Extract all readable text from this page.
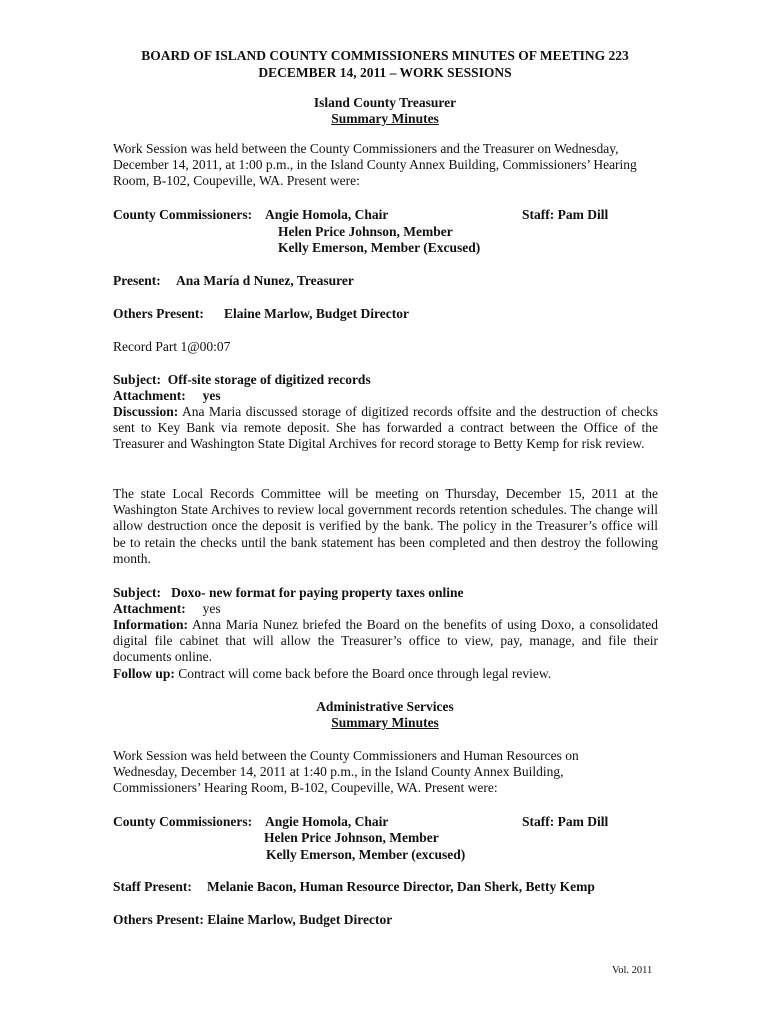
BOARD OF ISLAND COUNTY COMMISSIONERS MINUTES OF MEETING 223
DECEMBER 14, 2011 – WORK SESSIONS
Island County Treasurer
Summary Minutes
Work Session was held between the County Commissioners and the Treasurer on Wednesday,
December 14, 2011, at 1:00 p.m., in the Island County Annex Building, Commissioners’ Hearing
Room, B-102, Coupeville, WA. Present were:
County Commissioners: Angie Homola, Chair
Helen Price Johnson, Member
Kelly Emerson, Member (Excused)
Staff: Pam Dill
Present: Ana María d Nunez, Treasurer
Others Present: Elaine Marlow, Budget Director
Record Part 1@00:07
Subject: Off-site storage of digitized records
Attachment: yes
Discussion: Ana Maria discussed storage of digitized records offsite and the destruction of checks sent to Key Bank via remote deposit. She has forwarded a contract between the Office of the Treasurer and Washington State Digital Archives for record storage to Betty Kemp for risk review.
The state Local Records Committee will be meeting on Thursday, December 15, 2011 at the Washington State Archives to review local government records retention schedules. The change will allow destruction once the deposit is verified by the bank. The policy in the Treasurer’s office will be to retain the checks until the bank statement has been completed and then destroy the following month.
Subject: Doxo- new format for paying property taxes online
Attachment: yes
Information: Anna Maria Nunez briefed the Board on the benefits of using Doxo, a consolidated digital file cabinet that will allow the Treasurer’s office to view, pay, manage, and file their documents online.
Follow up: Contract will come back before the Board once through legal review.
Administrative Services
Summary Minutes
Work Session was held between the County Commissioners and Human Resources on
Wednesday, December 14, 2011 at 1:40 p.m., in the Island County Annex Building,
Commissioners’ Hearing Room, B-102, Coupeville, WA. Present were:
County Commissioners: Angie Homola, Chair
Helen Price Johnson, Member
Kelly Emerson, Member (excused)
Staff: Pam Dill
Staff Present: Melanie Bacon, Human Resource Director, Dan Sherk, Betty Kemp
Others Present: Elaine Marlow, Budget Director
Vol. 2011
